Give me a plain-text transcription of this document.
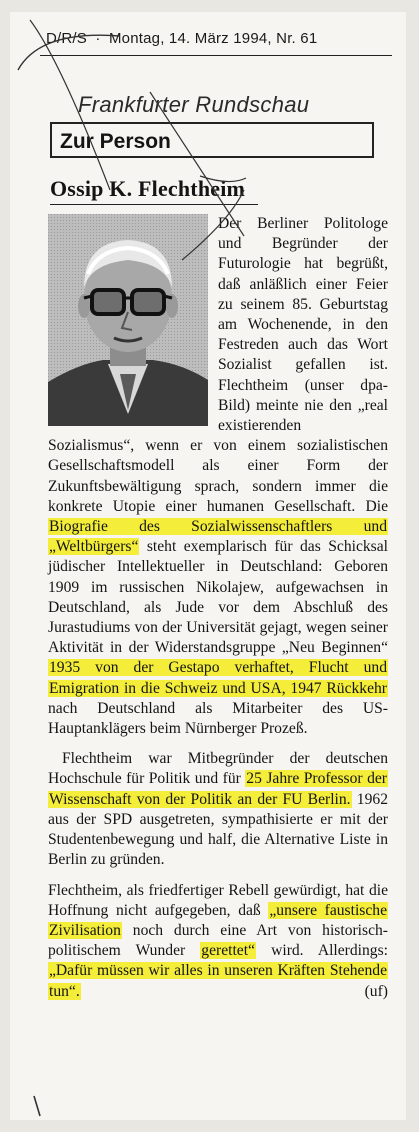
D/R/S · Montag, 14. März 1994, Nr. 61
Frankfurter Rundschau
Zur Person
Ossip K. Flechtheim

Der Berliner Politologe und Begründer der Futurologie hat begrüßt, daß anläßlich einer Feier zu seinem 85. Geburtstag am Wochenende, in den Festreden auch das Wort Sozialist gefallen ist. Flechtheim (unser dpa-Bild) meinte nie den „real existierenden Sozialismus“, wenn er von einem sozialistischen Gesellschaftsmodell als einer Form der Zukunftsbewältigung sprach, sondern immer die konkrete Utopie einer humanen Gesellschaft. Die Biografie des Sozialwissenschaftlers und „Weltbürgers“ steht exemplarisch für das Schicksal jüdischer Intellektueller in Deutschland: Geboren 1909 im russischen Nikolajew, aufgewachsen in Deutschland, als Jude vor dem Abschluß des Jurastudiums von der Universität gejagt, wegen seiner Aktivität in der Widerstandsgruppe „Neu Beginnen“ 1935 von der Gestapo verhaftet, Flucht und Emigration in die Schweiz und USA, 1947 Rückkehr nach Deutschland als Mitarbeiter des US-Hauptanklägers beim Nürnberger Prozeß.

Flechtheim war Mitbegründer der deutschen Hochschule für Politik und für 25 Jahre Professor der Wissenschaft von der Politik an der FU Berlin. 1962 aus der SPD ausgetreten, sympathisierte er mit der Studentenbewegung und half, die Alternative Liste in Berlin zu gründen.

Flechtheim, als friedfertiger Rebell gewürdigt, hat die Hoffnung nicht aufgegeben, daß „unsere faustische Zivilisation noch durch eine Art von historisch-politischem Wunder gerettet“ wird. Allerdings: „Dafür müssen wir alles in unseren Kräften Stehende tun“.	(uf)
